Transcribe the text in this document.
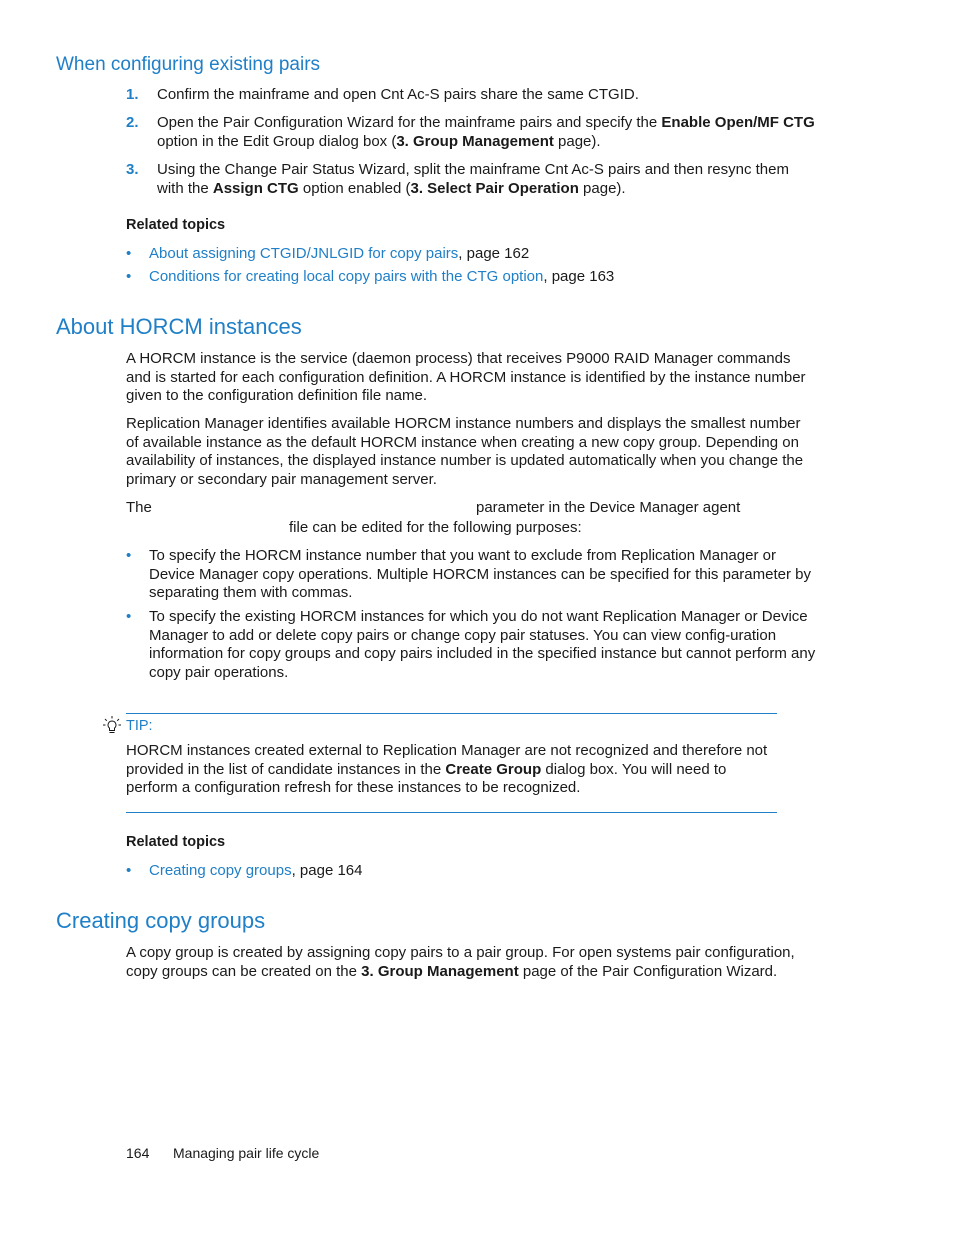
When configuring existing pairs
1. Confirm the mainframe and open Cnt Ac-S pairs share the same CTGID.
2. Open the Pair Configuration Wizard for the mainframe pairs and specify the Enable Open/MF CTG option in the Edit Group dialog box (3. Group Management page).
3. Using the Change Pair Status Wizard, split the mainframe Cnt Ac-S pairs and then resync them with the Assign CTG option enabled (3. Select Pair Operation page).
Related topics
• About assigning CTGID/JNLGID for copy pairs, page 162
• Conditions for creating local copy pairs with the CTG option, page 163
About HORCM instances

A HORCM instance is the service (daemon process) that receives P9000 RAID Manager commands and is started for each configuration definition. A HORCM instance is identified by the instance number given to the configuration definition file name.

Replication Manager identifies available HORCM instance numbers and displays the smallest number of available instance as the default HORCM instance when creating a new copy group. Depending on availability of instances, the displayed instance number is updated automatically when you change the primary or secondary pair management server.

The	parameter in the Device Manager agent
file can be edited for the following purposes:
• To specify the HORCM instance number that you want to exclude from Replication Manager or Device Manager copy operations. Multiple HORCM instances can be specified for this parameter by separating them with commas.
• To specify the existing HORCM instances for which you do not want Replication Manager or Device Manager to add or delete copy pairs or change copy pair statuses. You can view config-uration information for copy groups and copy pairs included in the specified instance but cannot perform any copy pair operations.
TIP:
HORCM instances created external to Replication Manager are not recognized and therefore not provided in the list of candidate instances in the Create Group dialog box. You will need to perform a configuration refresh for these instances to be recognized.
Related topics
• Creating copy groups, page 164
Creating copy groups

A copy group is created by assigning copy pairs to a pair group. For open systems pair configuration, copy groups can be created on the 3. Group Management page of the Pair Configuration Wizard.

164 Managing pair life cycle
